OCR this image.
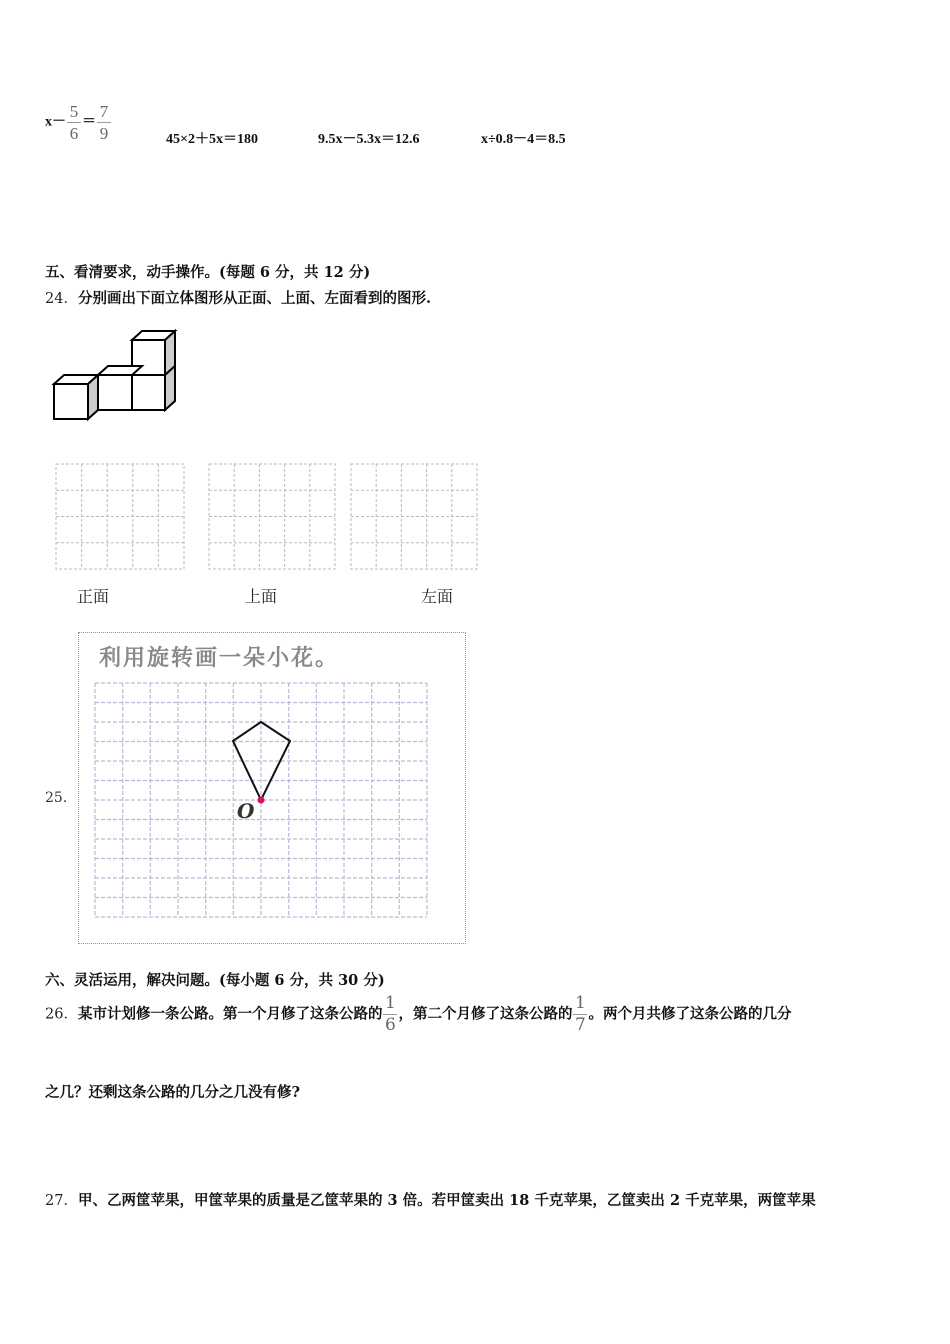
$x- \frac{5}{6} = \frac{7}{9}$	45×2＋5x＝180	9.5x－5.3x＝12.6	x÷0.8－4＝8.5
五、看清要求，动手操作。(每题 6 分，共 12 分)
24．分别画出下面立体图形从正面、上面、左面看到的图形.
正面	上面	左面
25．
利用旋转画一朵小花。
O
六、灵活运用，解决问题。(每小题 6 分，共 30 分)
26．某市计划修一条公路。第一个月修了这条公路的 $\frac{1}{6}$ ，第二个月修了这条公路的 $\frac{1}{7}$ 。两个月共修了这条公路的几分
之几？还剩这条公路的几分之几没有修?
27．甲、乙两筐苹果，甲筐苹果的质量是乙筐苹果的 3 倍。若甲筐卖出 18 千克苹果，乙筐卖出 2 千克苹果，两筐苹果
